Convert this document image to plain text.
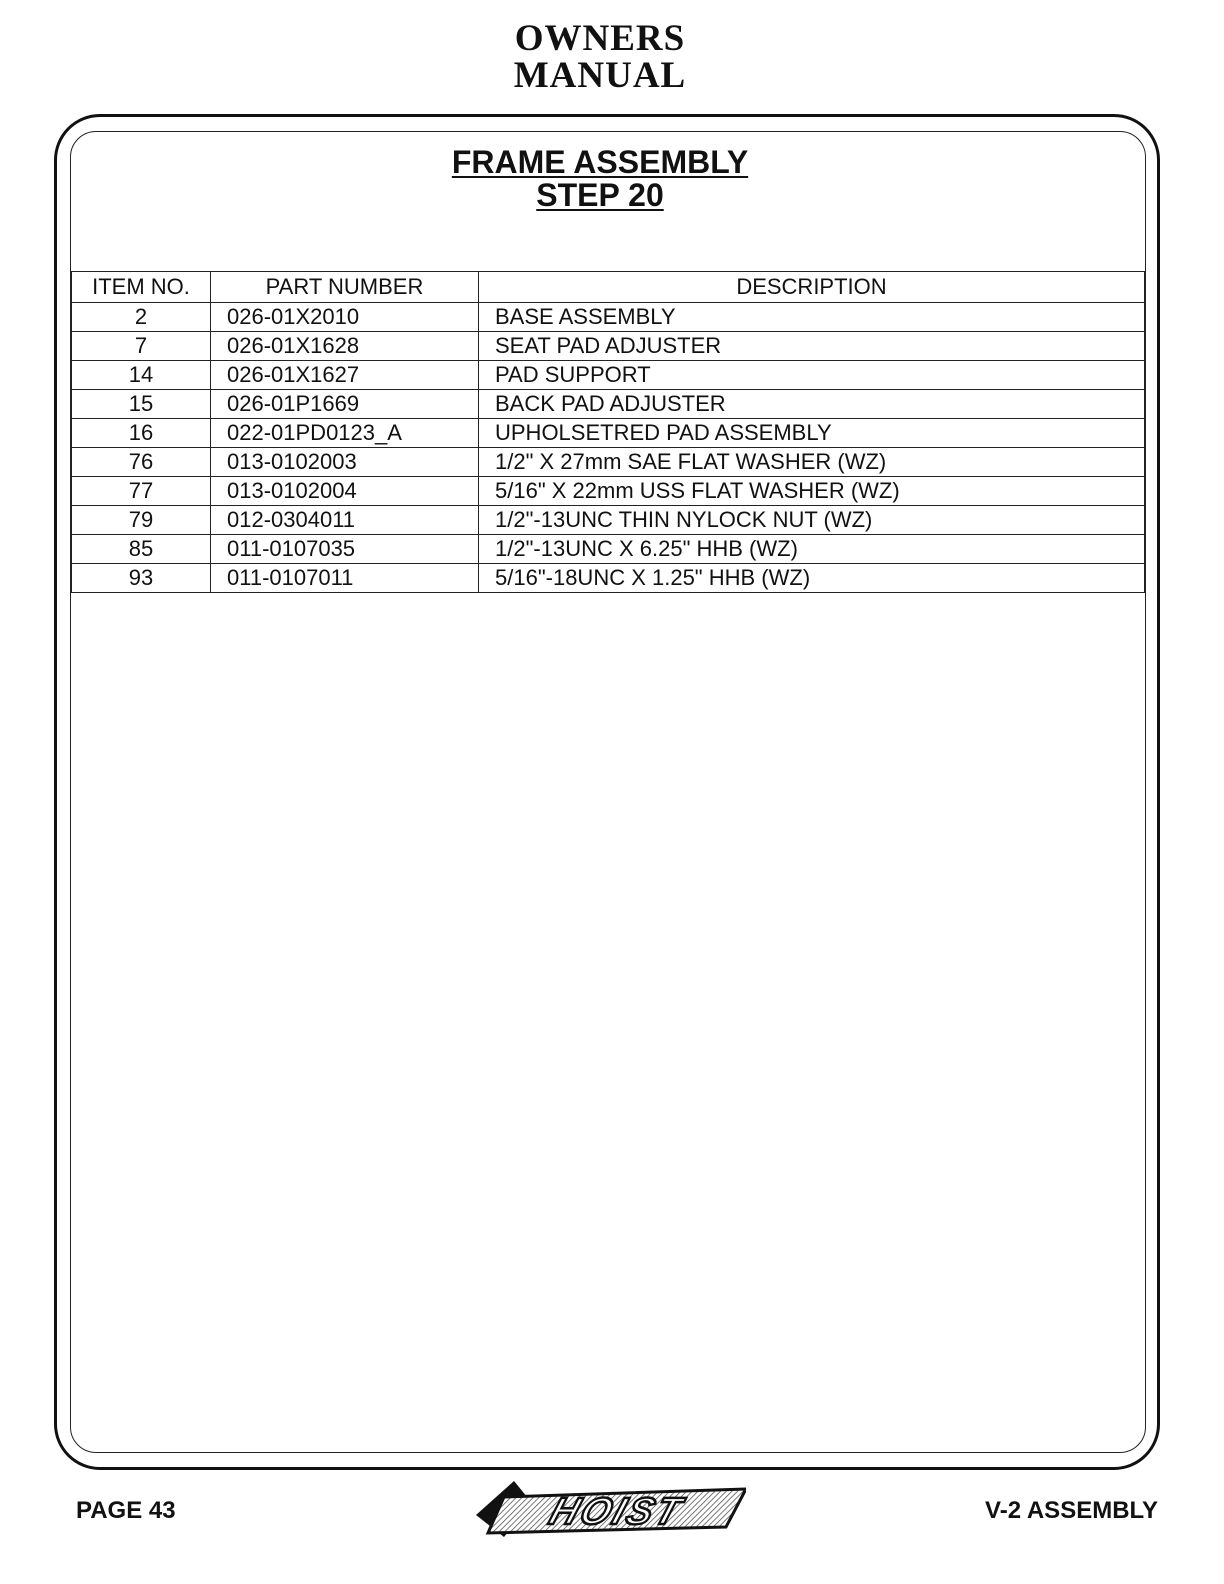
OWNERS
MANUAL
FRAME ASSEMBLY
STEP 20
ITEM NO.	PART NUMBER	DESCRIPTION
2	026-01X2010	BASE ASSEMBLY
7	026-01X1628	SEAT PAD ADJUSTER
14	026-01X1627	PAD SUPPORT
15	026-01P1669	BACK PAD ADJUSTER
16	022-01PD0123_A	UPHOLSETRED PAD ASSEMBLY
76	013-0102003	1/2" X 27mm SAE FLAT WASHER (WZ)
77	013-0102004	5/16" X 22mm USS FLAT WASHER (WZ)
79	012-0304011	1/2"-13UNC THIN NYLOCK NUT (WZ)
85	011-0107035	1/2"-13UNC X 6.25" HHB (WZ)
93	011-0107011	5/16"-18UNC X 1.25" HHB (WZ)
PAGE 43	HOIST	V-2 ASSEMBLY
